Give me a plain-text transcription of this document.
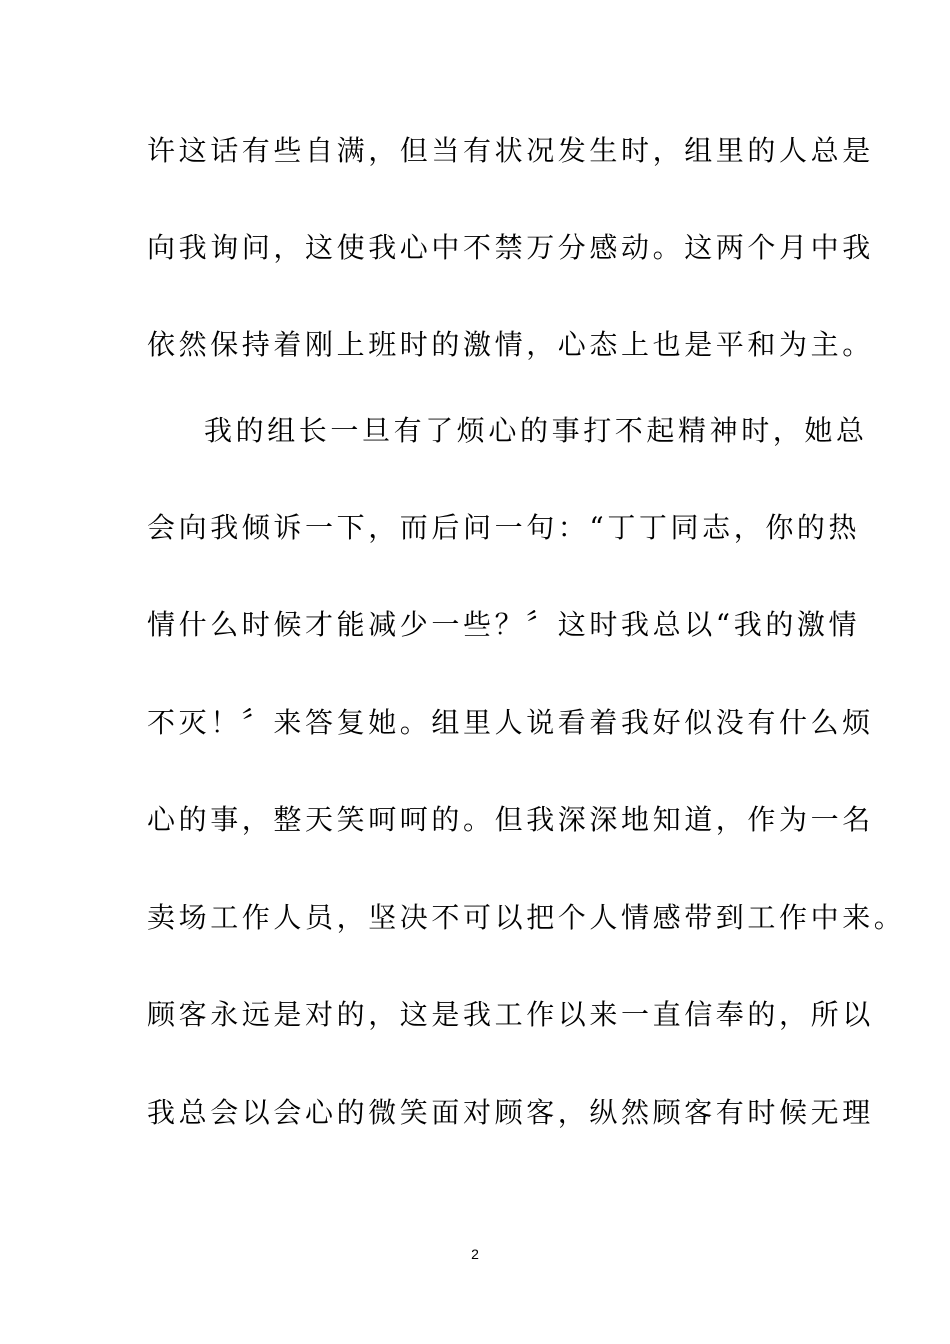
许这话有些自满，但当有状况发生时，组里的人总是
向我询问，这使我心中不禁万分感动。这两个月中我
依然保持着刚上班时的激情，心态上也是平和为主。
我的组长一旦有了烦心的事打不起精神时，她总
会向我倾诉一下，而后问一句：“丁丁同志，你的热
情什么时候才能减少一些？〞这时我总以“我的激情
不灭！〞来答复她。组里人说看着我好似没有什么烦
心的事，整天笑呵呵的。但我深深地知道，作为一名
卖场工作人员，坚决不可以把个人情感带到工作中来。
顾客永远是对的，这是我工作以来一直信奉的，所以
我总会以会心的微笑面对顾客，纵然顾客有时候无理
2
